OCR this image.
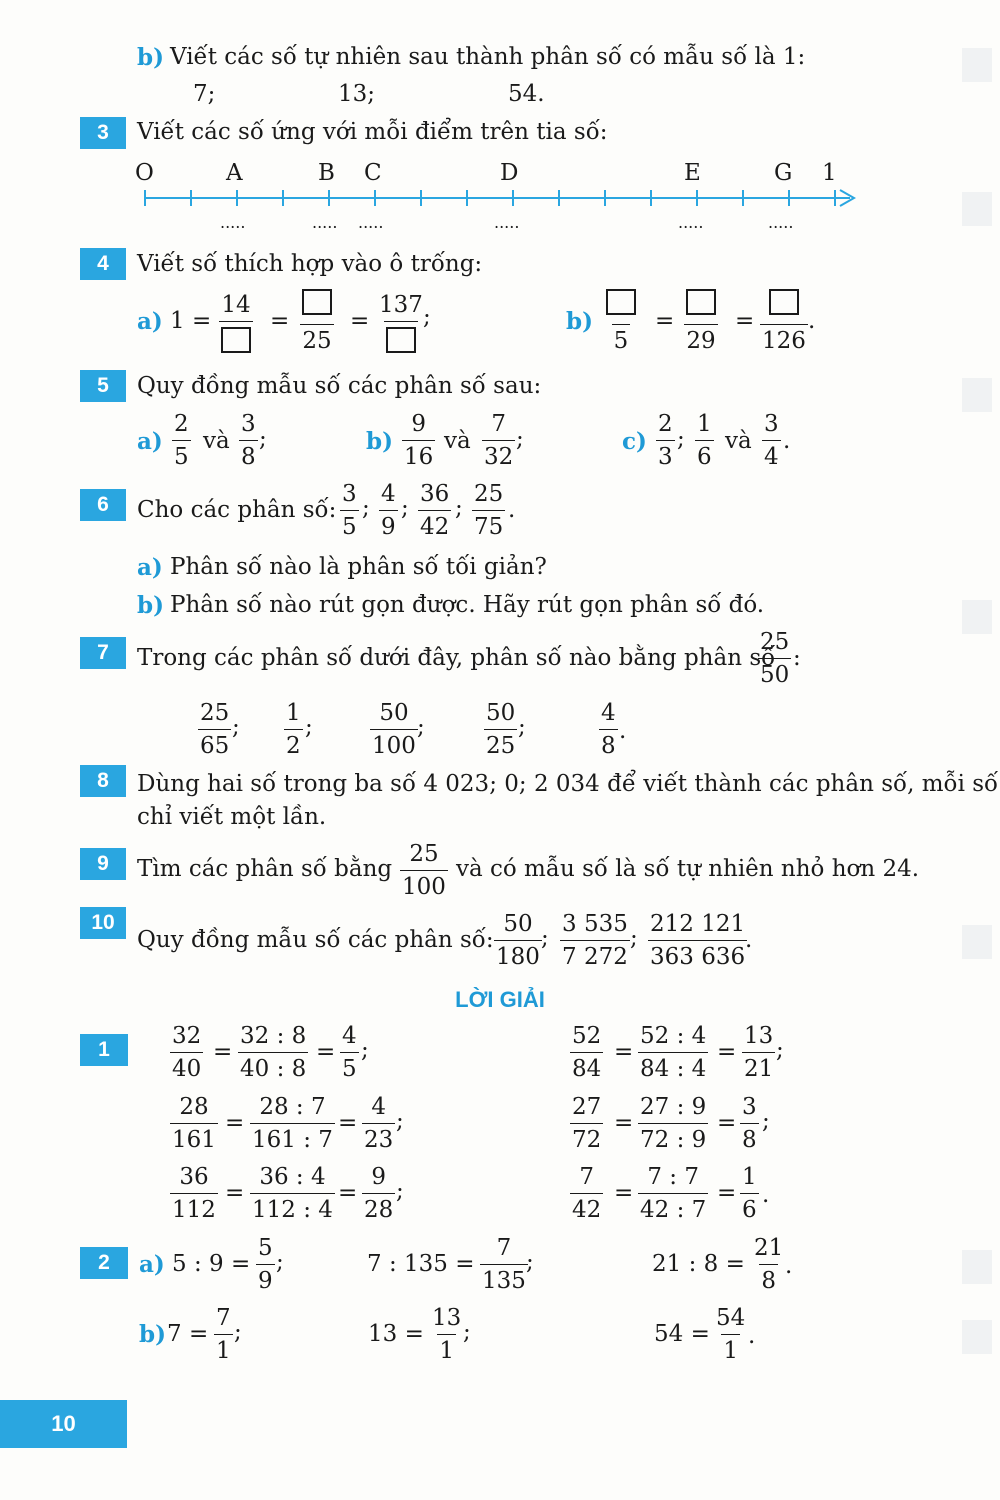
b) Viết các số tự nhiên sau thành phân số có mẫu số là 1:
7;	13;	54.
3	Viết các số ứng với mỗi điểm trên tia số:
O	A	B C	D	E	G 1
.....	..... .....	.....	.....	.....
4	Viết số thích hợp vào ô trống:
a) 1 =
14
=
25
=
137 ;	b)
5
=
29
=
126
.
5	Quy đồng mẫu số các phân số sau:
a)
2
5
và
3
8
;	b)
9
16
và
7
32
;	c)
2
3
;
1
6
và
3
4
.
6	Cho các phân số:
3
5
;
4
9
;
36
42
;
25
75
.
a) Phân số nào là phân số tối giản?
b) Phân số nào rút gọn được. Hãy rút gọn phân số đó.
7	Trong các phân số dưới đây, phân số nào bằng phân số
25
50
:
25
65
;
1
2
;
50
100
;
50
25
;
4
8
.
8	Dùng hai số trong ba số 4 023; 0; 2 034 để viết thành các phân số, mỗi số
chỉ viết một lần.
9	Tìm các phân số bằng
25
100
và có mẫu số là số tự nhiên nhỏ hơn 24.
10
Quy đồng mẫu số các phân số:
50
180
;
3 535
7 272
;
212 121
363 636
.
LỜI GIẢI
1
32
40
=
32 : 8
40 : 8
=
4
5
;
52
84
=
52 : 4
84 : 4
=
13
21
;
28
161
=
28 : 7
161 : 7
=
4
23
;
27
72
=
27 : 9
72 : 9
=
3
8
;
36
112
=
36 : 4
112 : 4
=
9
28
;
7
42
=
7 : 7
42 : 7
=
1
6
.
2	a) 5 : 9 =
5
9
;	7 : 135 =
7
135
;	21 : 8 =
21
8
.
b) 7 =
7
1
;	13 =
13
1
;	54 =
54
1
.
10
